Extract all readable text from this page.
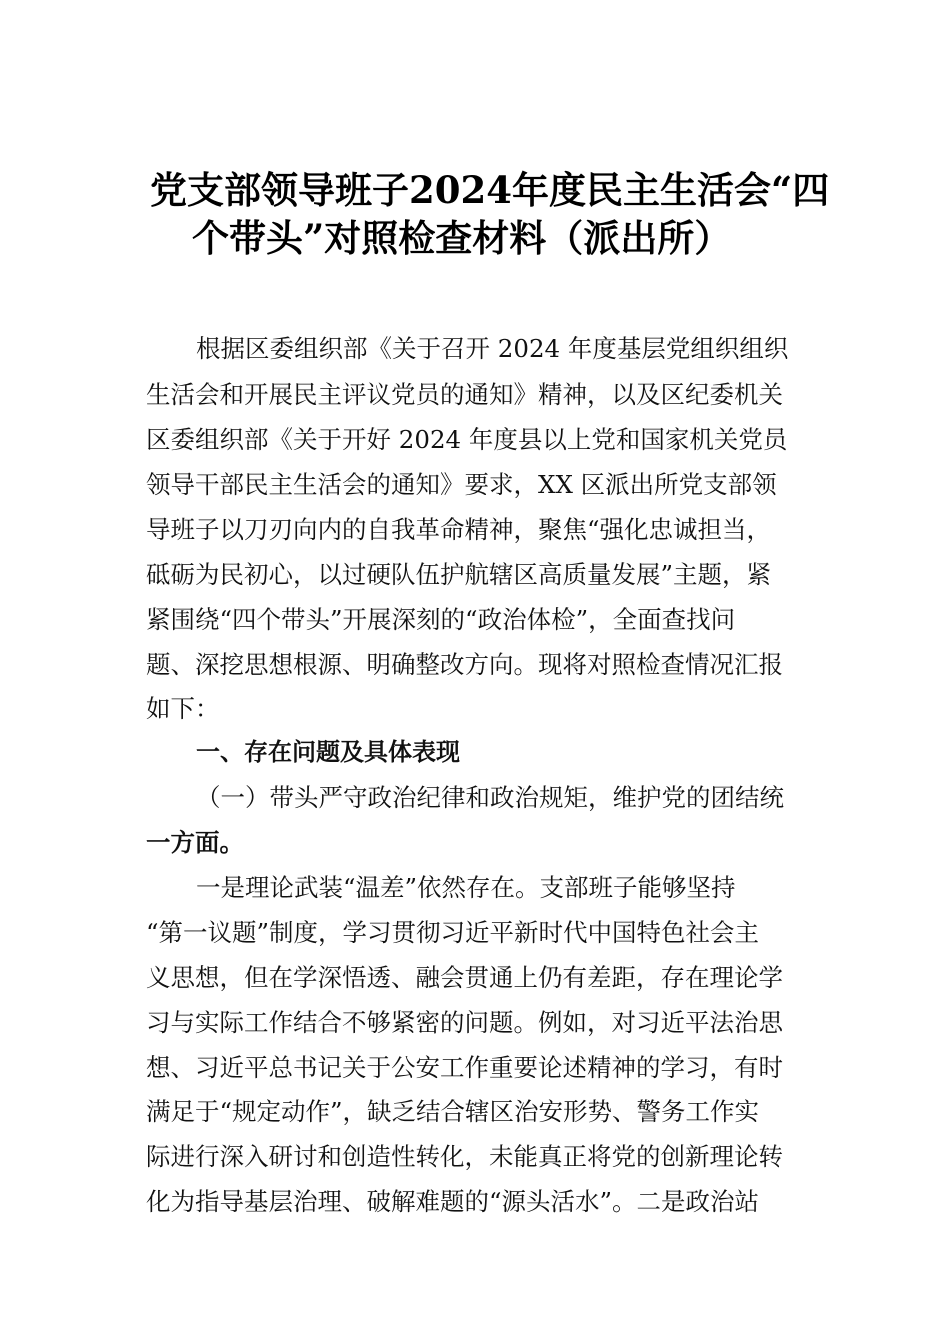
党支部领导班子2024年度民主生活会“四
个带头”对照检查材料（派出所）
根据区委组织部《关于召开 2024 年度基层党组织组织
生活会和开展民主评议党员的通知》精神，以及区纪委机关
区委组织部《关于开好 2024 年度县以上党和国家机关党员
领导干部民主生活会的通知》要求，XX 区派出所党支部领
导班子以刀刃向内的自我革命精神，聚焦“强化忠诚担当，
砥砺为民初心，以过硬队伍护航辖区高质量发展”主题，紧
紧围绕“四个带头”开展深刻的“政治体检”，全面查找问
题、深挖思想根源、明确整改方向。现将对照检查情况汇报
如下：
一、存在问题及具体表现
（一）带头严守政治纪律和政治规矩，维护党的团结统
一方面。
一是理论武装“温差”依然存在。支部班子能够坚持
“第一议题”制度，学习贯彻习近平新时代中国特色社会主
义思想，但在学深悟透、融会贯通上仍有差距，存在理论学
习与实际工作结合不够紧密的问题。例如，对习近平法治思
想、习近平总书记关于公安工作重要论述精神的学习，有时
满足于“规定动作”，缺乏结合辖区治安形势、警务工作实
际进行深入研讨和创造性转化，未能真正将党的创新理论转
化为指导基层治理、破解难题的“源头活水”。二是政治站
